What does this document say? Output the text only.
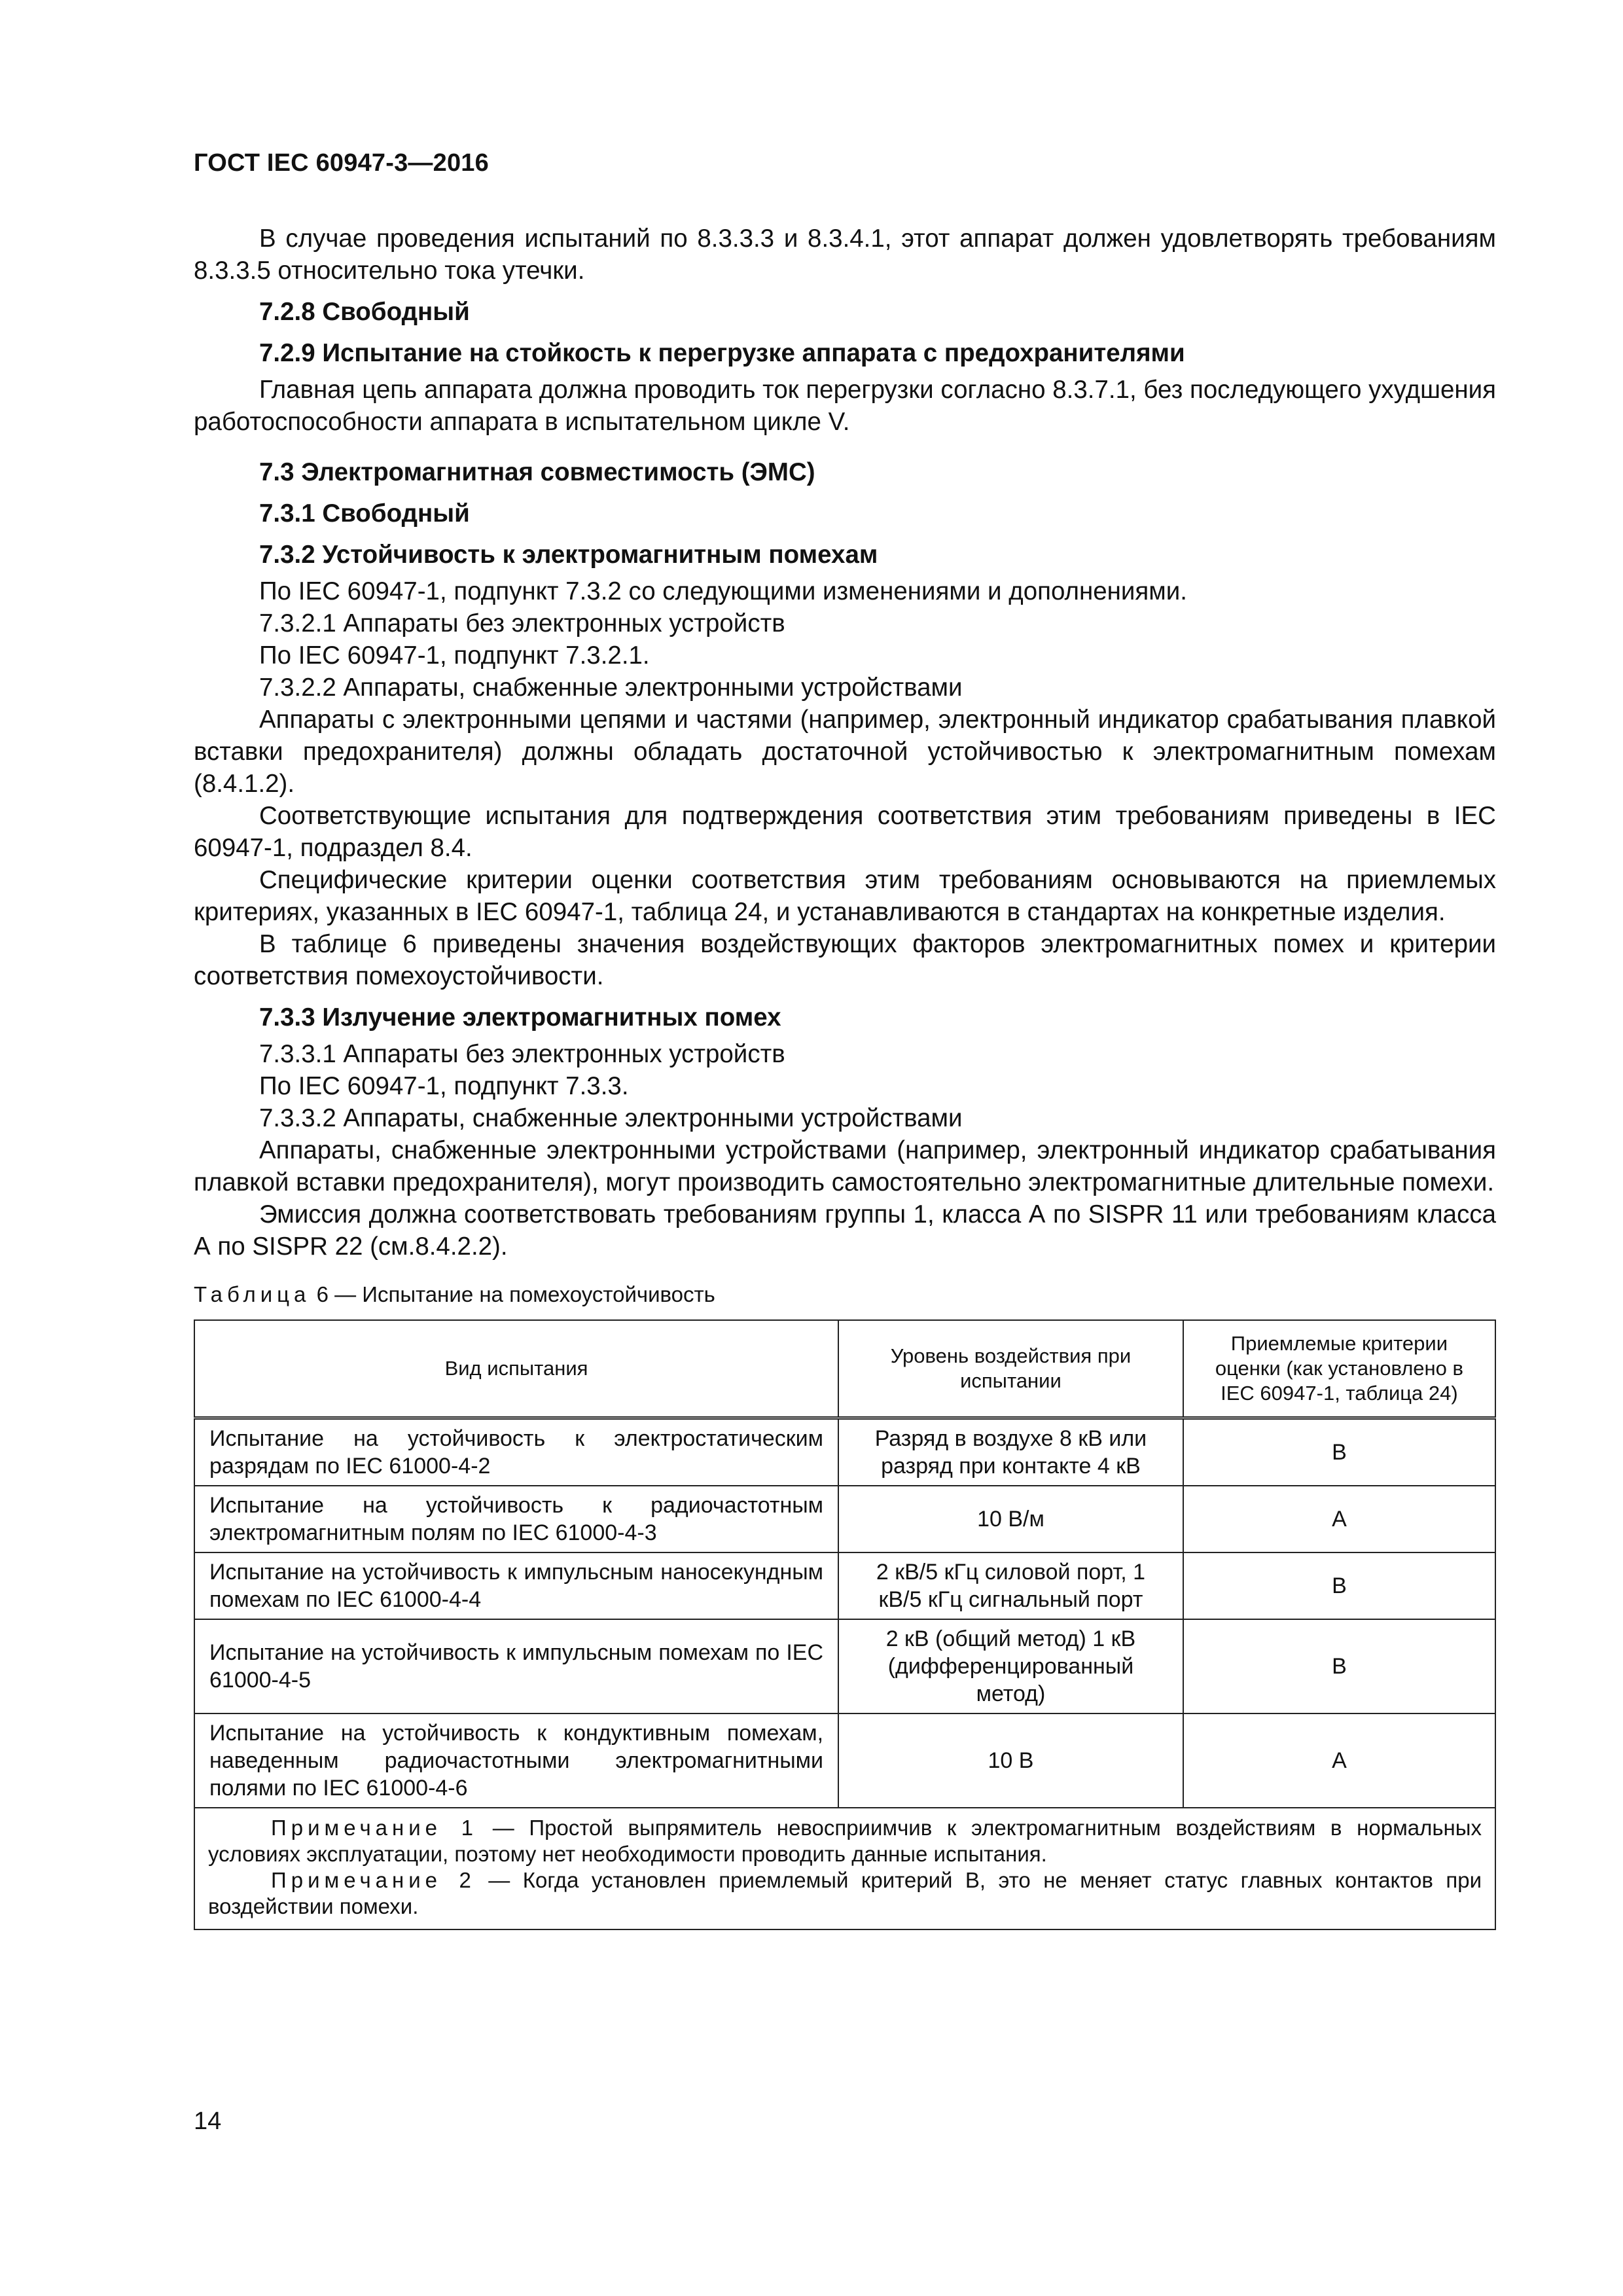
ГОСТ IEC 60947-3—2016

В случае проведения испытаний по 8.3.3.3 и 8.3.4.1, этот аппарат должен удовлетворять требованиям 8.3.3.5 относительно тока утечки.

7.2.8 Свободный
7.2.9 Испытание на стойкость к перегрузке аппарата с предохранителями

Главная цепь аппарата должна проводить ток перегрузки согласно 8.3.7.1, без последующего ухудшения работоспособности аппарата в испытательном цикле V.

7.3 Электромагнитная совместимость (ЭМС)
7.3.1 Свободный
7.3.2 Устойчивость к электромагнитным помехам

По IEC 60947-1, подпункт 7.3.2 со следующими изменениями и дополнениями.

7.3.2.1 Аппараты без электронных устройств
По IEC 60947-1, подпункт 7.3.2.1.
7.3.2.2 Аппараты, снабженные электронными устройствами

Аппараты с электронными цепями и частями (например, электронный индикатор срабатывания плавкой вставки предохранителя) должны обладать достаточной устойчивостью к электромагнитным помехам (8.4.1.2).

Соответствующие испытания для подтверждения соответствия этим требованиям приведены в IEC 60947-1, подраздел 8.4.

Специфические критерии оценки соответствия этим требованиям основываются на приемлемых критериях, указанных в IEC 60947-1, таблица 24, и устанавливаются в стандартах на конкретные изделия.

В таблице 6 приведены значения воздействующих факторов электромагнитных помех и критерии соответствия помехоустойчивости.

7.3.3 Излучение электромагнитных помех
7.3.3.1 Аппараты без электронных устройств
По IEC 60947-1, подпункт 7.3.3.
7.3.3.2 Аппараты, снабженные электронными устройствами

Аппараты, снабженные электронными устройствами (например, электронный индикатор срабатывания плавкой вставки предохранителя), могут производить самостоятельно электромагнитные длительные помехи.

Эмиссия должна соответствовать требованиям группы 1, класса А по SISPR 11 или требованиям класса А по SISPR 22 (см.8.4.2.2).

Таблица 6 — Испытание на помехоустойчивость
Вид испытания	Уровень воздействия при испытании	Приемлемые критерии оценки (как установлено в IEC 60947-1, таблица 24)
Испытание на устойчивость к электростатическим разрядам по IEC 61000-4-2	Разряд в воздухе 8 кВ или разряд при контакте 4 кВ	B
Испытание на устойчивость к радиочастотным электромагнитным полям по IEC 61000-4-3	10 В/м	A
Испытание на устойчивость к импульсным наносекундным помехам по IEC 61000-4-4	2 кВ/5 кГц силовой порт, 1 кВ/5 кГц сигнальный порт	B
Испытание на устойчивость к импульсным помехам по IEC 61000-4-5	2 кВ (общий метод) 1 кВ (дифференцированный метод)	B
Испытание на устойчивость к кондуктивным помехам, наведенным радиочастотными электромагнитными полями по IEC 61000-4-6	10 В	A

Примечание 1 — Простой выпрямитель невосприимчив к электромагнитным воздействиям в нормальных условиях эксплуатации, поэтому нет необходимости проводить данные испытания.

Примечание 2 — Когда установлен приемлемый критерий В, это не меняет статус главных контактов при воздействии помехи.		

14
